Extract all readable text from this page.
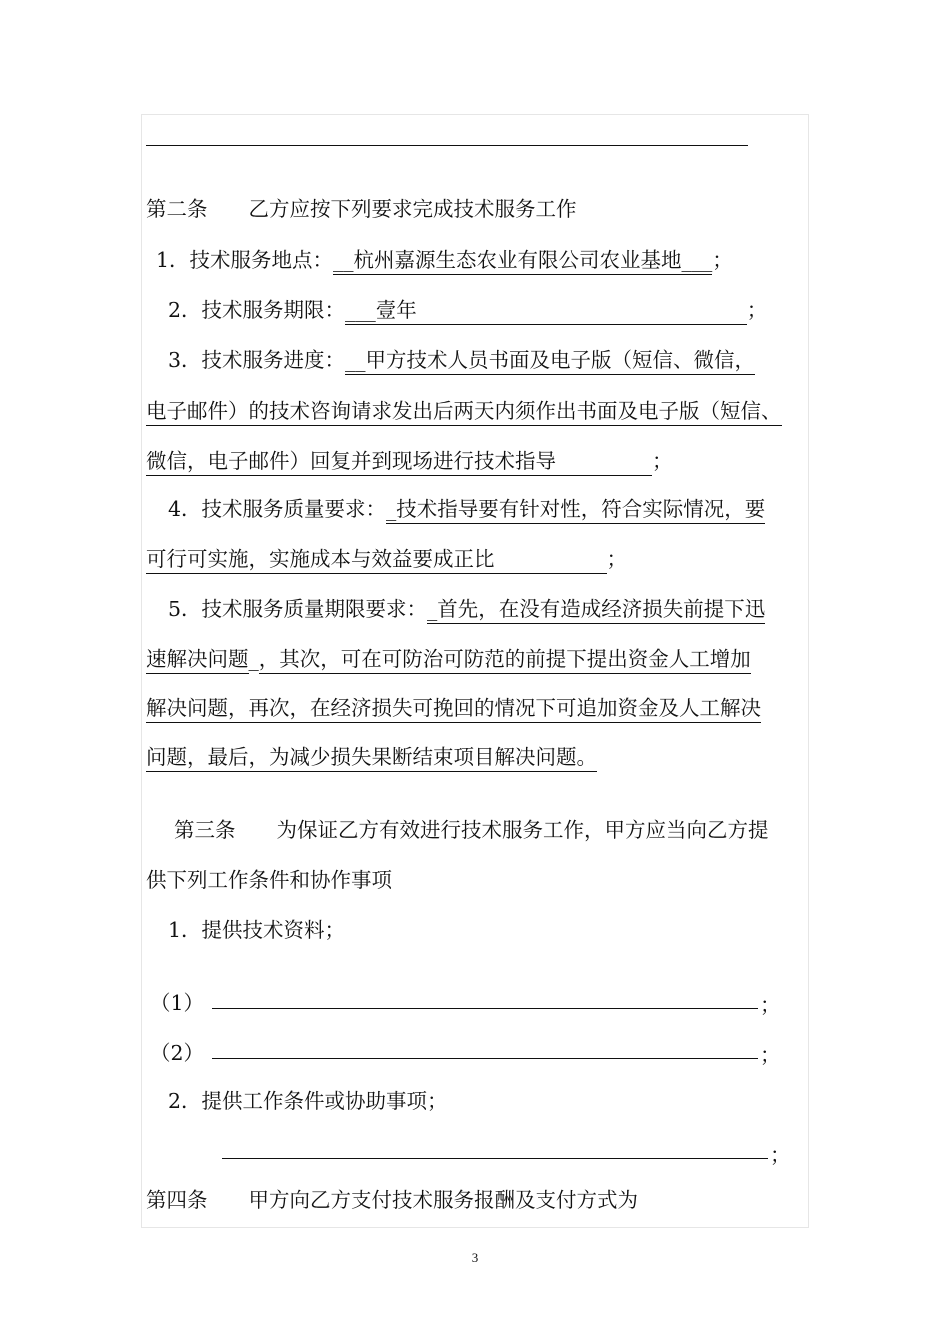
第二条　　乙方应按下列要求完成技术服务工作
1．技术服务地点：__杭州嘉源生态农业有限公司农业基地___；
2．技术服务期限：___壹年	；
3．技术服务进度：__甲方技术人员书面及电子版（短信、微信，
电子邮件）的技术咨询请求发出后两天内须作出书面及电子版（短信、
微信，电子邮件）回复并到现场进行技术指导	；
4．技术服务质量要求：_技术指导要有针对性，符合实际情况，要
可行可实施，实施成本与效益要成正比	；
5．技术服务质量期限要求：_首先，在没有造成经济损失前提下迅
速解决问题_，其次，可在可防治可防范的前提下提出资金人工增加
解决问题，再次，在经济损失可挽回的情况下可追加资金及人工解决
问题，最后，为减少损失果断结束项目解决问题。
第三条　　为保证乙方有效进行技术服务工作，甲方应当向乙方提
供下列工作条件和协作事项
1．提供技术资料；
（1）	；
（2）	；
2．提供工作条件或协助事项；
；
第四条　　甲方向乙方支付技术服务报酬及支付方式为
3
